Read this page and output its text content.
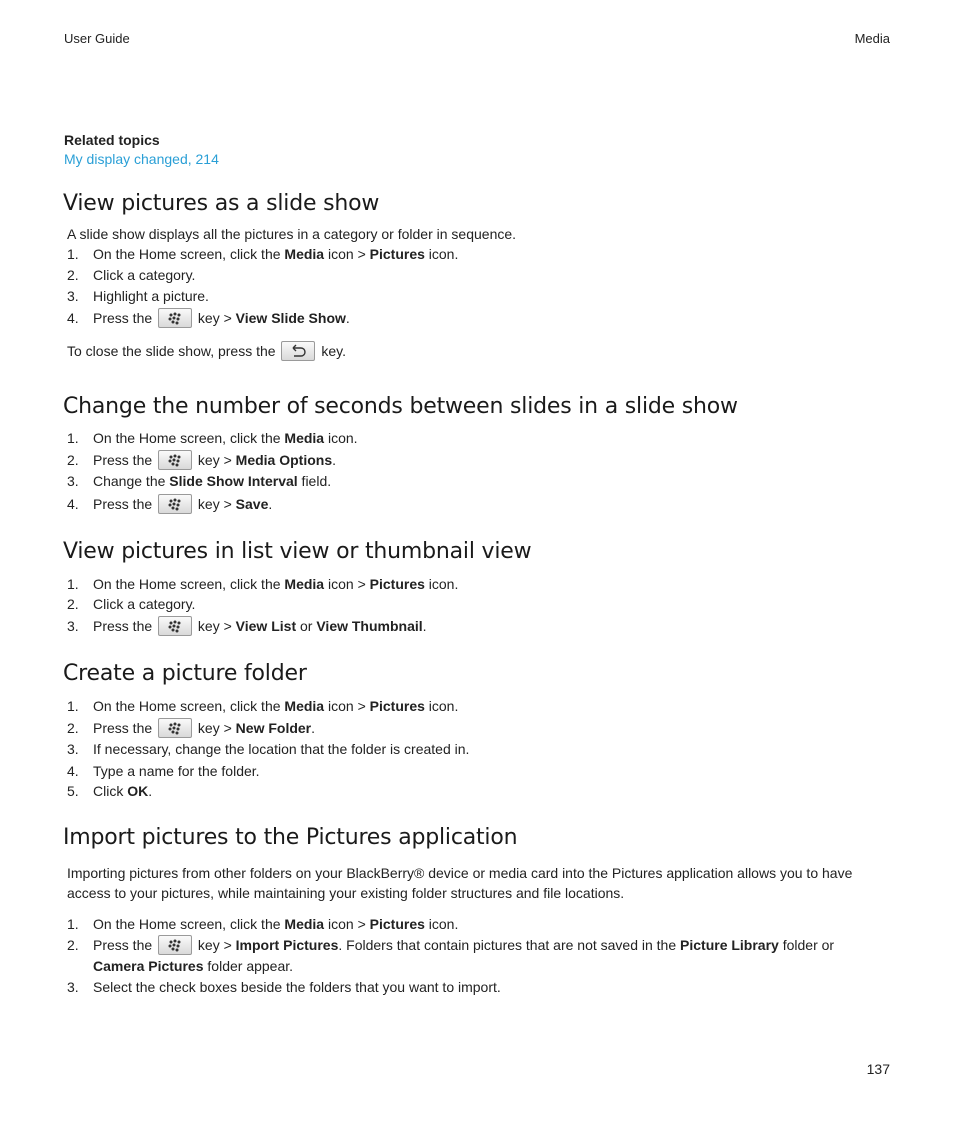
User Guide	Media
Related topics
My display changed, 214
View pictures as a slide show
A slide show displays all the pictures in a category or folder in sequence.
1. On the Home screen, click the Media icon > Pictures icon.
2. Click a category.
3. Highlight a picture.
4. Press the	key > View Slide Show.
To close the slide show, press the	key.
Change the number of seconds between slides in a slide show
1. On the Home screen, click the Media icon.
2. Press the	key > Media Options.
3. Change the Slide Show Interval field.
4. Press the	key > Save.
View pictures in list view or thumbnail view
1. On the Home screen, click the Media icon > Pictures icon.
2. Click a category.
3. Press the	key > View List or View Thumbnail.
Create a picture folder
1. On the Home screen, click the Media icon > Pictures icon.
2. Press the	key > New Folder.
3. If necessary, change the location that the folder is created in.
4. Type a name for the folder.
5. Click OK.
Import pictures to the Pictures application
Importing pictures from other folders on your BlackBerry® device or media card into the Pictures application allows you to have access to your pictures, while maintaining your existing folder structures and file locations.
1. On the Home screen, click the Media icon > Pictures icon.
2. Press the	key > Import Pictures. Folders that contain pictures that are not saved in the Picture Library folder or Camera Pictures folder appear.
3. Select the check boxes beside the folders that you want to import.
137
